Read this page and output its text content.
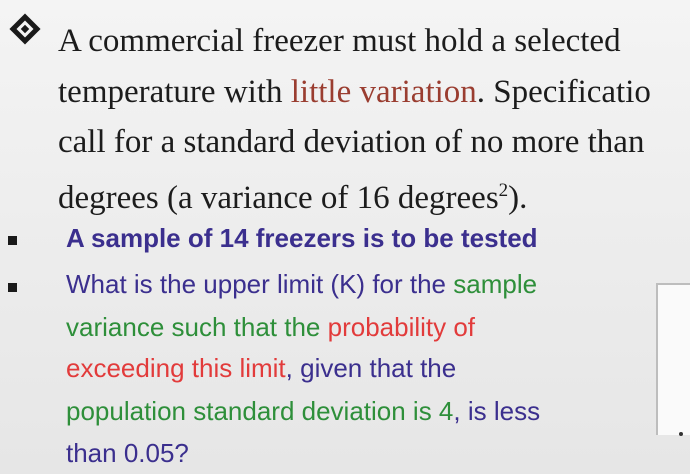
A commercial freezer must hold a selected

temperature with little variation. Specificatio

call for a standard deviation of no more than

degrees (a variance of 16 degrees$^2$).

A sample of 14 freezers is to be tested

What is the upper limit (K) for the sample

variance such that the probability of

exceeding this limit, given that the

population standard deviation is 4, is less

than 0.05?
